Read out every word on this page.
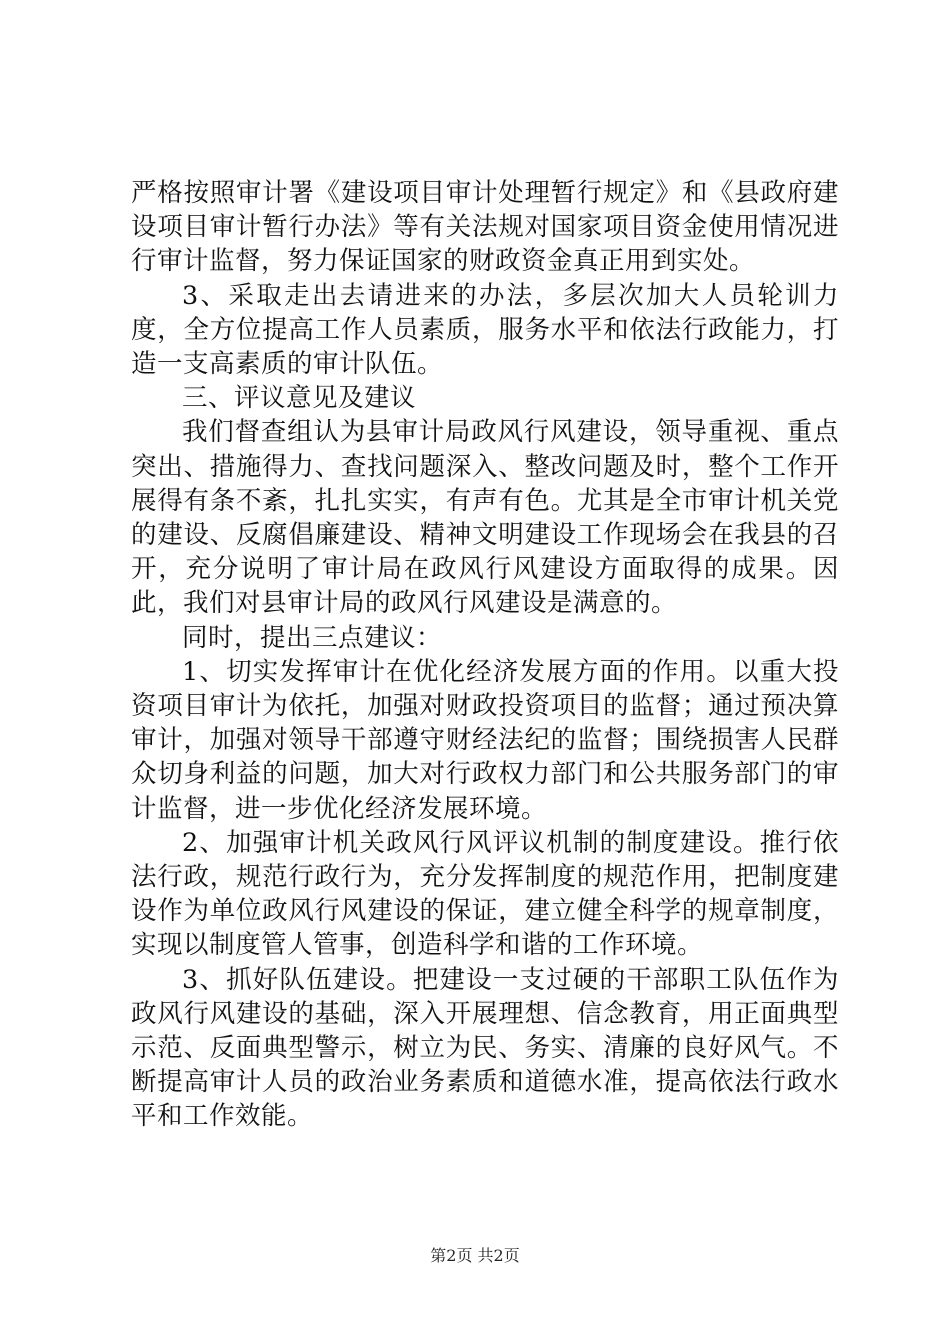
严格按照审计署《建设项目审计处理暂行规定》和《县政府建设项目审计暂行办法》等有关法规对国家项目资金使用情况进行审计监督，努力保证国家的财政资金真正用到实处。

3、采取走出去请进来的办法，多层次加大人员轮训力度，全方位提高工作人员素质，服务水平和依法行政能力，打造一支高素质的审计队伍。

三、评议意见及建议

我们督查组认为县审计局政风行风建设，领导重视、重点突出、措施得力、查找问题深入、整改问题及时，整个工作开展得有条不紊，扎扎实实，有声有色。尤其是全市审计机关党的建设、反腐倡廉建设、精神文明建设工作现场会在我县的召开，充分说明了审计局在政风行风建设方面取得的成果。因此，我们对县审计局的政风行风建设是满意的。

同时，提出三点建议：

1、切实发挥审计在优化经济发展方面的作用。以重大投资项目审计为依托，加强对财政投资项目的监督；通过预决算审计，加强对领导干部遵守财经法纪的监督；围绕损害人民群众切身利益的问题，加大对行政权力部门和公共服务部门的审计监督，进一步优化经济发展环境。

2、加强审计机关政风行风评议机制的制度建设。推行依法行政，规范行政行为，充分发挥制度的规范作用，把制度建设作为单位政风行风建设的保证，建立健全科学的规章制度，实现以制度管人管事，创造科学和谐的工作环境。

3、抓好队伍建设。把建设一支过硬的干部职工队伍作为政风行风建设的基础，深入开展理想、信念教育，用正面典型示范、反面典型警示，树立为民、务实、清廉的良好风气。不断提高审计人员的政治业务素质和道德水准，提高依法行政水平和工作效能。

第2页 共2页
